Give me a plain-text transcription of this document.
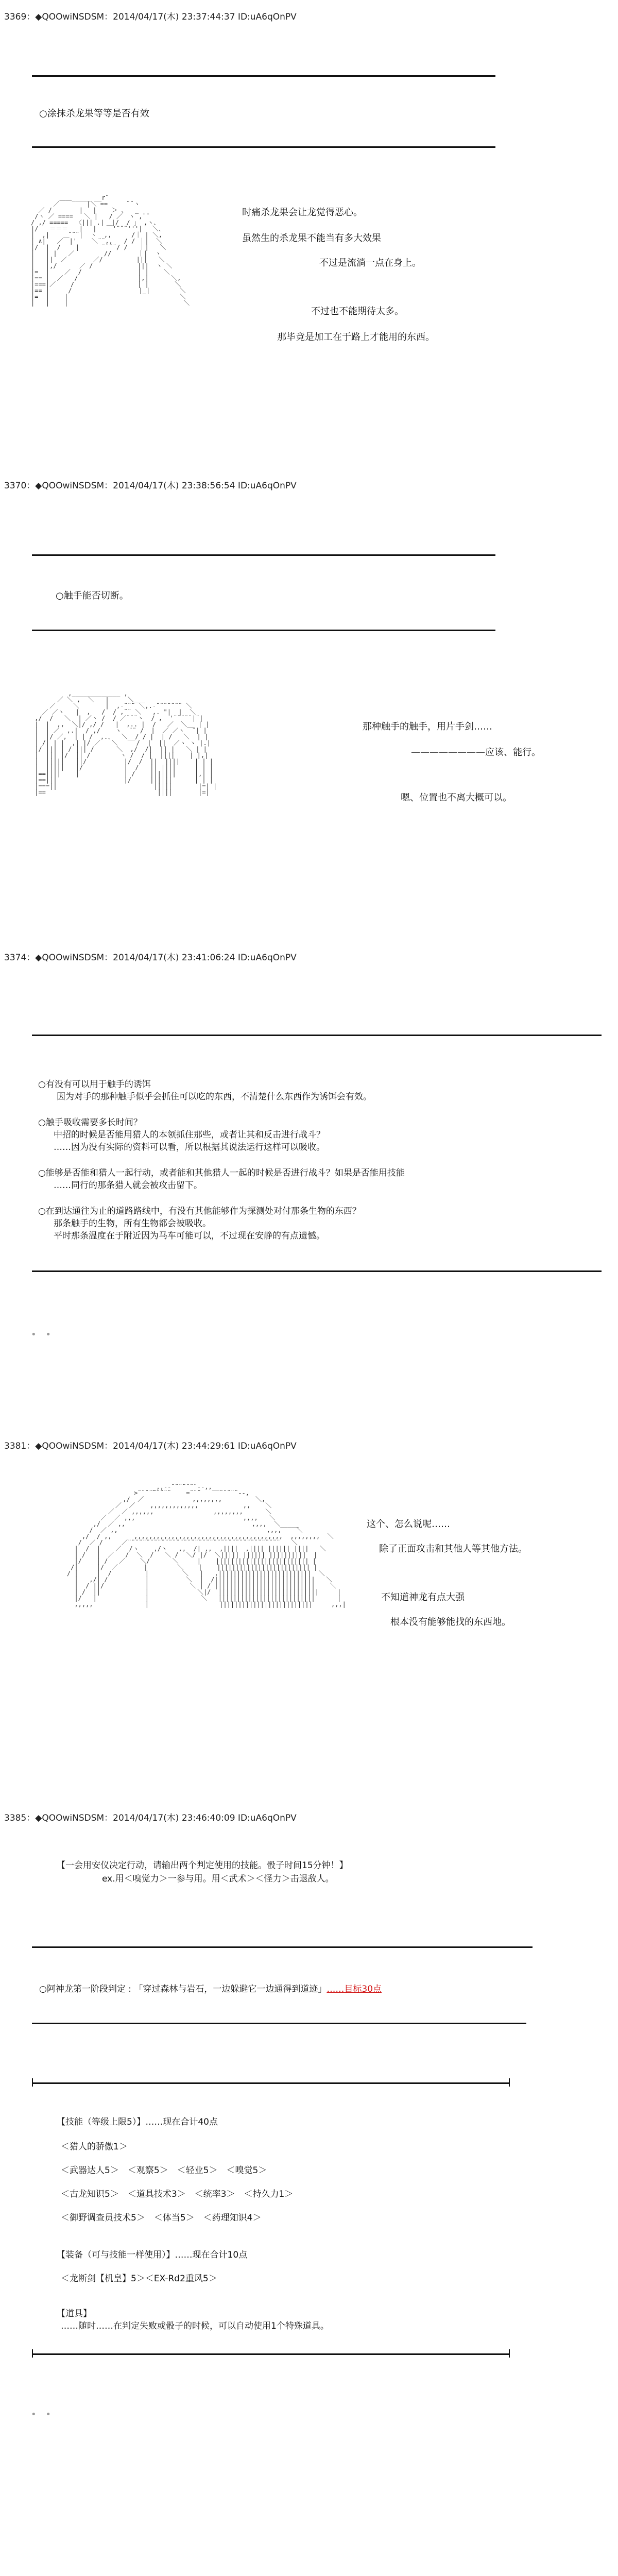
3369：◆QOOwiNSDSM：2014/04/17(木) 23:37:44:37 ID:uA6qOnPV
○涂抹杀龙果等等是否有效
_____ __r¨
／￣￣    |＼ ==     ¨¨ヽ
／ /   　　 |　 |    ＞ 、  _
/ヽ ／ ====   ＼ |   / ／　ヽ ,¨¨
/ ,/ =====  〈||| .|  |/  / 」 ,ヽ、
|/   ＝＝＝   |　 |　 ￣'¨¨¨'''|　 ＼、
|  ,|     ¨¨¨|  ヽ  ,,  　　/｜ | ＼,
| ∧|   ／￣|'    ＼¨¨,,   / / ｜|  ＼
|/  |  /    |      ¨¨¨¨/ /   ｜|   ＼
|   | |   ／        //       ｜|  ヽ
|   ||  ／       ／/         |||   ＼
|   |,/      ／ /            |||  ヽ ＼
|=  |    ／  /               | |    ＼
|== |  ／   /                |,|      ＼,
|===|／    /                 | |       ＼
|== |     /                  |_|        ＼
|=  |    |                              ＼
|   |    |                               ＼
时痛杀龙果会让龙觉得恶心。
虽然生的杀龙果不能当有多大效果
不过是流淌一点在身上。
不过也不能期待太多。
那毕竟是加工在于路上才能用的东西。
3370：◆QOOwiNSDSM：2014/04/17(木) 23:38:56:54 ID:uA6qOnPV
○触手能否切断。
,_____________ ,
／ ＼ ,  ＼   |     ＼___
／  　 ＼       |  ,-¨¨¨ ＼,.-¨¨¨¨¨¨¨ ＼
／ ／ヽ   |  ,   /  / ,¨¨ ＼   ,. "|  |  ＼
,/  /   ＼  | ／ヽ /  / ／¨¨¨ヽ  / ,  '¨¨¨¨¨|¨|
|  |  ,,  ＼|/ ,/ /   |  ,.. |  /   ／  ＼__ | |
|  | ／  ,.|  / ,/    ヽ  ¨¨ /  |  ／ ／ヽ  ¨| |
|  |/ ／,  | | /  ,.、  ＼__/ / |  | /   ＼  | |
| /| | |  ,| |/ ／   ＼     /  |  ||  ／ヽ ヽ |.|
|/ ||| | / ||| /      ＼  ,/  /|  || |   ＼ | |
|  ||| |/  || /        ヽ /  / |  ||||    | |,|
|  |||||   ||/          |/  /  ||  ||||    | | |
|  |||||   |/           |  /   || ||||     | | |
|==||||    |            | /    |||||||     |,| |
|==|||                  |/     ||||||      | | |
|===||                          |||||       |=| |
|==                              ||||       |=|
那种触手的触手，用片手剑……
————————应该、能行。
嗯、位置也不离大概可以。
3374：◆QOOwiNSDSM：2014/04/17(木) 23:41:06:24 ID:uA6qOnPV
○有没有可以用于触手的诱饵
因为对手的那种触手似乎会抓住可以吃的东西，不清楚什么东西作为诱饵会有效。
○触手吸收需要多长时间？
中招的时候是否能用猎人的本领抓住那些，或者让其和反击进行战斗？
……因为没有实际的资料可以看，所以根据其说法运行这样可以吸收。
○能够是否能和猎人一起行动，或者能和其他猎人一起的时候是否进行战斗？如果是否能用技能
……同行的那条猎人就会被攻击留下。
○在到达通往为止的道路路线中，有没有其他能够作为探测处对付那条生物的东西？
那条触手的生物，所有生物都会被吸收。
平时那条温度在于附近因为马车可能可以，不过现在安静的有点遗憾。
• •
3381：◆QOOwiNSDSM：2014/04/17(木) 23:44:29:61 ID:uA6qOnPV
_,,--¨¨¨¨¨¨¨--,,__
>¨¨¨¨¨¨¨¨¨    =¨¨¨     ¨¨¨¨¨--,
,/  ／             ,,,,,,,,         ＼,
／  ／    ,,,,,,,,,,,,,            ,,    ＼
／  ／ ,,,,,,                ,,,,,,,,      ＼
／  ／ ,,,                             ,,,,   ＼
,/  ／ ,,                                  ,,,,  ＼_____
/  ／ ,,                                        ,,,,    ＼
,/  / ,,      ,,,,,,,,,,,,,,,,,,,,,,,,,,,,,,,,,,,,,,,,  ,,,,,,,,  ＼
/  ／ /     ／¨¨¨¨¨¨¨¨¨¨¨¨¨¨¨¨¨¨¨¨¨¨¨¨¨¨¨¨¨¨¨¨¨¨¨¨¨¨¨¨¨   ＼
|  /  |    ／  /ヽ    ,/ヽ   ,,  /| ,,  ,||||  ,|||| |||||| ||||   ＼
| /   |  ／   /  ＼  /   ＼ /  ＼/ |/  ＼||||| |||||| ||||||||||  |
|/    | /   ／    ＼/      ＼     |    ||||||||||||||||||||||||| |
/|     |/  ／       |        ＼    |    ||||||||||||||||||||||||| |
/ |     |  /         |         ＼   |   ,|||||||||||||||||||||||||  ＼
|   ,/| /          |          ＼  |  /|||||||||||||||||||||||||||   ＼
|  / ||/           |           ＼ | / |||||||||||||||||||||||||||    ＼
| /  ||            |             ＼|/  |||||||||||||||||||||||||||     |
|/   |             |              ＼   ||||||||||||||||||||||||||      |
,,,,,              |                   |||||||||||||||||||||||||     ,,,|
这个、怎么说呢……
除了正面攻击和其他人等其他方法。
不知道神龙有点大强
根本没有能够能找的东西地。
3385：◆QOOwiNSDSM：2014/04/17(木) 23:46:40:09 ID:uA6qOnPV
【一会用安仪决定行动，请输出两个判定使用的技能。骰子时间15分钟！】
ex.用＜嗅觉力＞一参与用。用＜武术＞＜怪力＞击退敌人。
○阿神龙第一阶段判定 : 「穿过森林与岩石，一边躲避它一边通得到道迹」……目标30点
【技能（等级上限5）】……现在合计40点
＜猎人的骄傲1＞
＜武器达人5＞　＜观察5＞　＜轻业5＞　＜嗅觉5＞
＜古龙知识5＞　＜道具技术3＞　＜统率3＞　＜持久力1＞
＜御野调查员技术5＞　＜体当5＞　＜药理知识4＞
【装备（可与技能一样使用）】……现在合计10点
＜龙断剑【机皇】5＞＜EX-Rd2重风5＞
【道具】
……随时……在判定失败或骰子的时候，可以自动使用1个特殊道具。
• •
